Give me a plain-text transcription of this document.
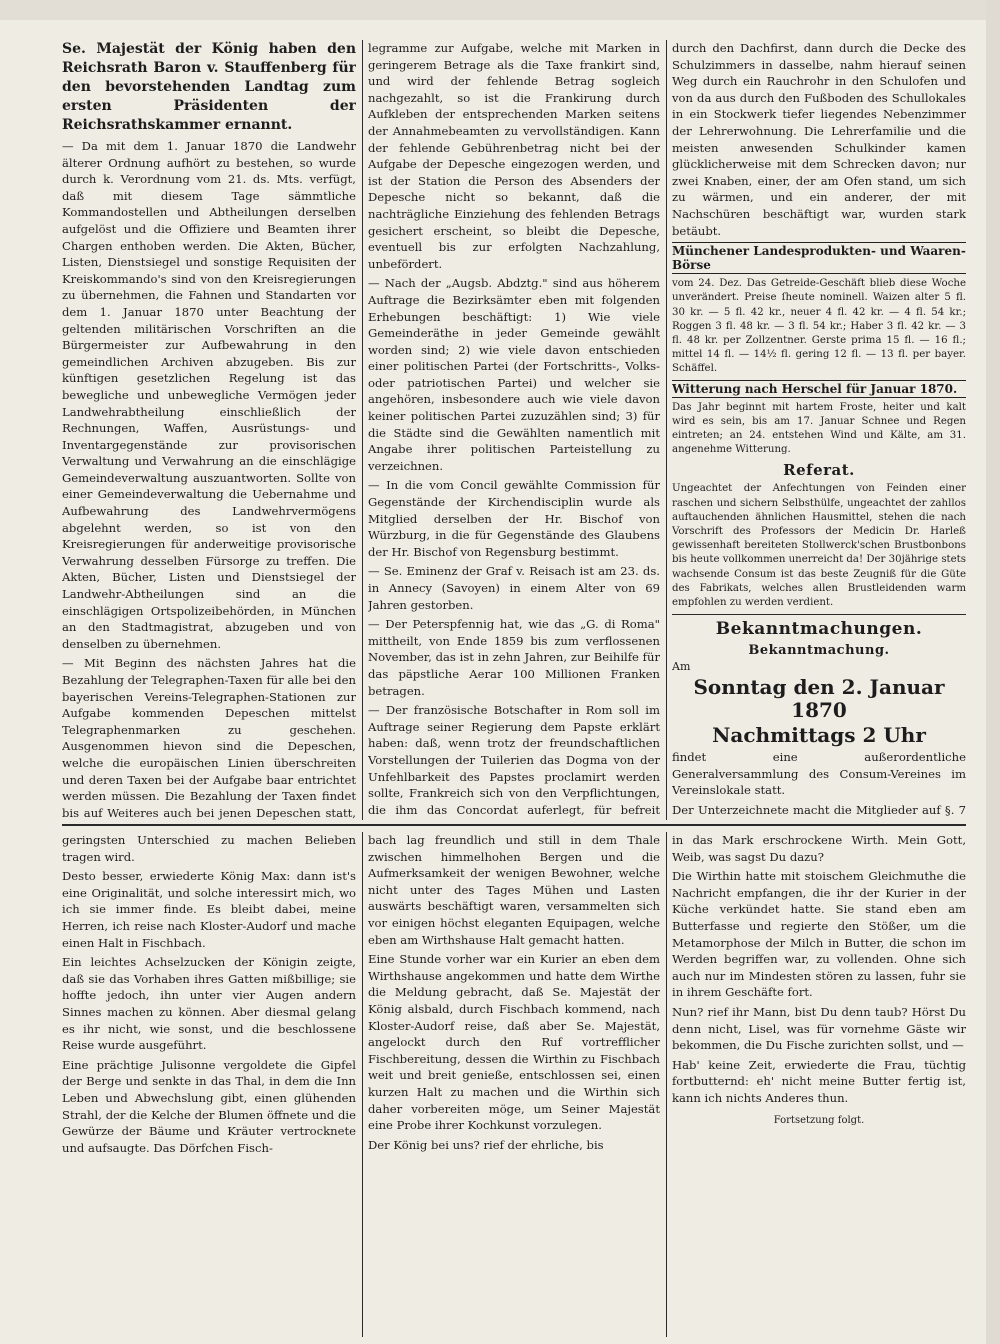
Se. Majestät der König haben den Reichsrath Baron v. Stauffenberg für den bevorstehenden Landtag zum ersten Präsidenten der Reichsrathskammer ernannt.

— Da mit dem 1. Januar 1870 die Landwehr älterer Ordnung aufhört zu bestehen, so wurde durch k. Verordnung vom 21. ds. Mts. verfügt, daß mit diesem Tage sämmtliche Kommandostellen und Abtheilungen derselben aufgelöst und die Offiziere und Beamten ihrer Chargen enthoben werden. Die Akten, Bücher, Listen, Dienstsiegel und sonstige Requisiten der Kreiskommando's sind von den Kreisregierungen zu übernehmen, die Fahnen und Standarten vor dem 1. Januar 1870 unter Beachtung der geltenden militärischen Vorschriften an die Bürgermeister zur Aufbewahrung in den gemeindlichen Archiven abzugeben. Bis zur künftigen gesetzlichen Regelung ist das bewegliche und unbewegliche Vermögen jeder Landwehrabtheilung einschließlich der Rechnungen, Waffen, Ausrüstungs- und Inventargegenstände zur provisorischen Verwaltung und Verwahrung an die einschlägige Gemeindeverwaltung auszuantworten. Sollte von einer Gemeindeverwaltung die Uebernahme und Aufbewahrung des Landwehrvermögens abgelehnt werden, so ist von den Kreisregierungen für anderweitige provisorische Verwahrung desselben Fürsorge zu treffen. Die Akten, Bücher, Listen und Dienstsiegel der Landwehr-Abtheilungen sind an die einschlägigen Ortspolizeibehörden, in München an den Stadtmagistrat, abzugeben und von denselben zu übernehmen.

— Mit Beginn des nächsten Jahres hat die Bezahlung der Telegraphen-Taxen für alle bei den bayerischen Vereins-Telegraphen-Stationen zur Aufgabe kommenden Depeschen mittelst Telegraphenmarken zu geschehen. Ausgenommen hievon sind die Depeschen, welche die europäischen Linien überschreiten und deren Taxen bei der Aufgabe baar entrichtet werden müssen. Die Bezahlung der Taxen findet bis auf Weiteres auch bei jenen Depeschen statt,

legramme zur Aufgabe, welche mit Marken in geringerem Betrage als die Taxe frankirt sind, und wird der fehlende Betrag sogleich nachgezahlt, so ist die Frankirung durch Aufkleben der entsprechenden Marken seitens der Annahmebeamten zu vervollständigen. Kann der fehlende Gebührenbetrag nicht bei der Aufgabe der Depesche eingezogen werden, und ist der Station die Person des Absenders der Depesche nicht so bekannt, daß die nachträgliche Einziehung des fehlenden Betrags gesichert erscheint, so bleibt die Depesche, eventuell bis zur erfolgten Nachzahlung, unbefördert.

— Nach der „Augsb. Abdztg." sind aus höherem Auftrage die Bezirksämter eben mit folgenden Erhebungen beschäftigt: 1) Wie viele Gemeinderäthe in jeder Gemeinde gewählt worden sind; 2) wie viele davon entschieden einer politischen Partei (der Fortschritts-, Volks- oder patriotischen Partei) und welcher sie angehören, insbesondere auch wie viele davon keiner politischen Partei zuzuzählen sind; 3) für die Städte sind die Gewählten namentlich mit Angabe ihrer politischen Parteistellung zu verzeichnen.

— In die vom Concil gewählte Commission für Gegenstände der Kirchendisciplin wurde als Mitglied derselben der Hr. Bischof von Würzburg, in die für Gegenstände des Glaubens der Hr. Bischof von Regensburg bestimmt.

— Se. Eminenz der Graf v. Reisach ist am 23. ds. in Annecy (Savoyen) in einem Alter von 69 Jahren gestorben.

— Der Peterspfennig hat, wie das „G. di Roma" mittheilt, von Ende 1859 bis zum verflossenen November, das ist in zehn Jahren, zur Beihilfe für das päpstliche Aerar 100 Millionen Franken betragen.

— Der französische Botschafter in Rom soll im Auftrage seiner Regierung dem Papste erklärt haben: daß, wenn trotz der freundschaftlichen Vorstellungen der Tuilerien das Dogma von der Unfehlbarkeit des Papstes proclamirt werden sollte, Frankreich sich von den Verpflichtungen, die ihm das Concordat auferlegt, für befreit

durch den Dachfirst, dann durch die Decke des Schulzimmers in dasselbe, nahm hierauf seinen Weg durch ein Rauchrohr in den Schulofen und von da aus durch den Fußboden des Schullokales in ein Stockwerk tiefer liegendes Nebenzimmer der Lehrerwohnung. Die Lehrerfamilie und die meisten anwesenden Schulkinder kamen glücklicherweise mit dem Schrecken davon; nur zwei Knaben, einer, der am Ofen stand, um sich zu wärmen, und ein anderer, der mit Nachschüren beschäftigt war, wurden stark betäubt.

Münchener Landesprodukten- und Waaren-Börse

vom 24. Dez. Das Getreide-Geschäft blieb diese Woche unverändert. Preise ſheute nominell. Waizen alter 5 fl. 30 kr. — 5 fl. 42 kr., neuer 4 fl. 42 kr. — 4 fl. 54 kr.; Roggen 3 fl. 48 kr. — 3 fl. 54 kr.; Haber 3 fl. 42 kr. — 3 fl. 48 kr. per Zollzentner. Gerste prima 15 fl. — 16 fl.; mittel 14 fl. — 14½ fl. gering 12 fl. — 13 fl. per bayer. Schäffel.

Witterung nach Herschel für Januar 1870.

Das Jahr beginnt mit hartem Froste, heiter und kalt wird es sein, bis am 17. Januar Schnee und Regen eintreten; an 24. entstehen Wind und Kälte, am 31. angenehme Witterung.

Referat.

Ungeachtet der Anfechtungen von Feinden einer raschen und sichern Selbsthülfe, ungeachtet der zahllos auftauchenden ähnlichen Hausmittel, stehen die nach Vorschrift des Professors der Medicin Dr. Harleß gewissenhaft bereiteten Stollwerck'schen Brustbonbons bis heute vollkommen unerreicht da! Der 30jährige stets wachsende Consum ist das beste Zeugniß für die Güte des Fabrikats, welches allen Brustleidenden warm empfohlen zu werden verdient.

Bekanntmachungen.
Bekanntmachung.

Am

Sonntag den 2. Januar 1870
Nachmittags 2 Uhr

findet eine außerordentliche Generalversammlung des Consum-Vereines im Vereinslokale statt.

Der Unterzeichnete macht die Mitglieder auf §. 7

geringsten Unterschied zu machen Belieben tragen wird.

Desto besser, erwiederte König Max: dann ist's eine Originalität, und solche interessirt mich, wo ich sie immer finde. Es bleibt dabei, meine Herren, ich reise nach Kloster-Audorf und mache einen Halt in Fischbach.

Ein leichtes Achselzucken der Königin zeigte, daß sie das Vorhaben ihres Gatten mißbillige; sie hoffte jedoch, ihn unter vier Augen andern Sinnes machen zu können. Aber diesmal gelang es ihr nicht, wie sonst, und die beschlossene Reise wurde ausgeführt.

Eine prächtige Julisonne vergoldete die Gipfel der Berge und senkte in das Thal, in dem die Inn Leben und Abwechslung gibt, einen glühenden Strahl, der die Kelche der Blumen öffnete und die Gewürze der Bäume und Kräuter vertrocknete und aufsaugte. Das Dörfchen Fisch-

bach lag freundlich und still in dem Thale zwischen himmelhohen Bergen und die Aufmerksamkeit der wenigen Bewohner, welche nicht unter des Tages Mühen und Lasten auswärts beschäftigt waren, versammelten sich vor einigen höchst eleganten Equipagen, welche eben am Wirthshause Halt gemacht hatten.

Eine Stunde vorher war ein Kurier an eben dem Wirthshause angekommen und hatte dem Wirthe die Meldung gebracht, daß Se. Majestät der König alsbald, durch Fischbach kommend, nach Kloster-Audorf reise, daß aber Se. Majestät, angelockt durch den Ruf vortrefflicher Fischbereitung, dessen die Wirthin zu Fischbach weit und breit genieße, entschlossen sei, einen kurzen Halt zu machen und die Wirthin sich daher vorbereiten möge, um Seiner Majestät eine Probe ihrer Kochkunst vorzulegen.

Der König bei uns? rief der ehrliche, bis

in das Mark erschrockene Wirth. Mein Gott, Weib, was sagst Du dazu?

Die Wirthin hatte mit stoischem Gleichmuthe die Nachricht empfangen, die ihr der Kurier in der Küche verkündet hatte. Sie stand eben am Butterfasse und regierte den Stößer, um die Metamorphose der Milch in Butter, die schon im Werden begriffen war, zu vollenden. Ohne sich auch nur im Mindesten stören zu lassen, fuhr sie in ihrem Geschäfte fort.

Nun? rief ihr Mann, bist Du denn taub? Hörst Du denn nicht, Lisel, was für vornehme Gäste wir bekommen, die Du Fische zurichten sollst, und —

Hab' keine Zeit, erwiederte die Frau, tüchtig fortbutternd: eh' nicht meine Butter fertig ist, kann ich nichts Anderes thun.

Fortsetzung folgt.
